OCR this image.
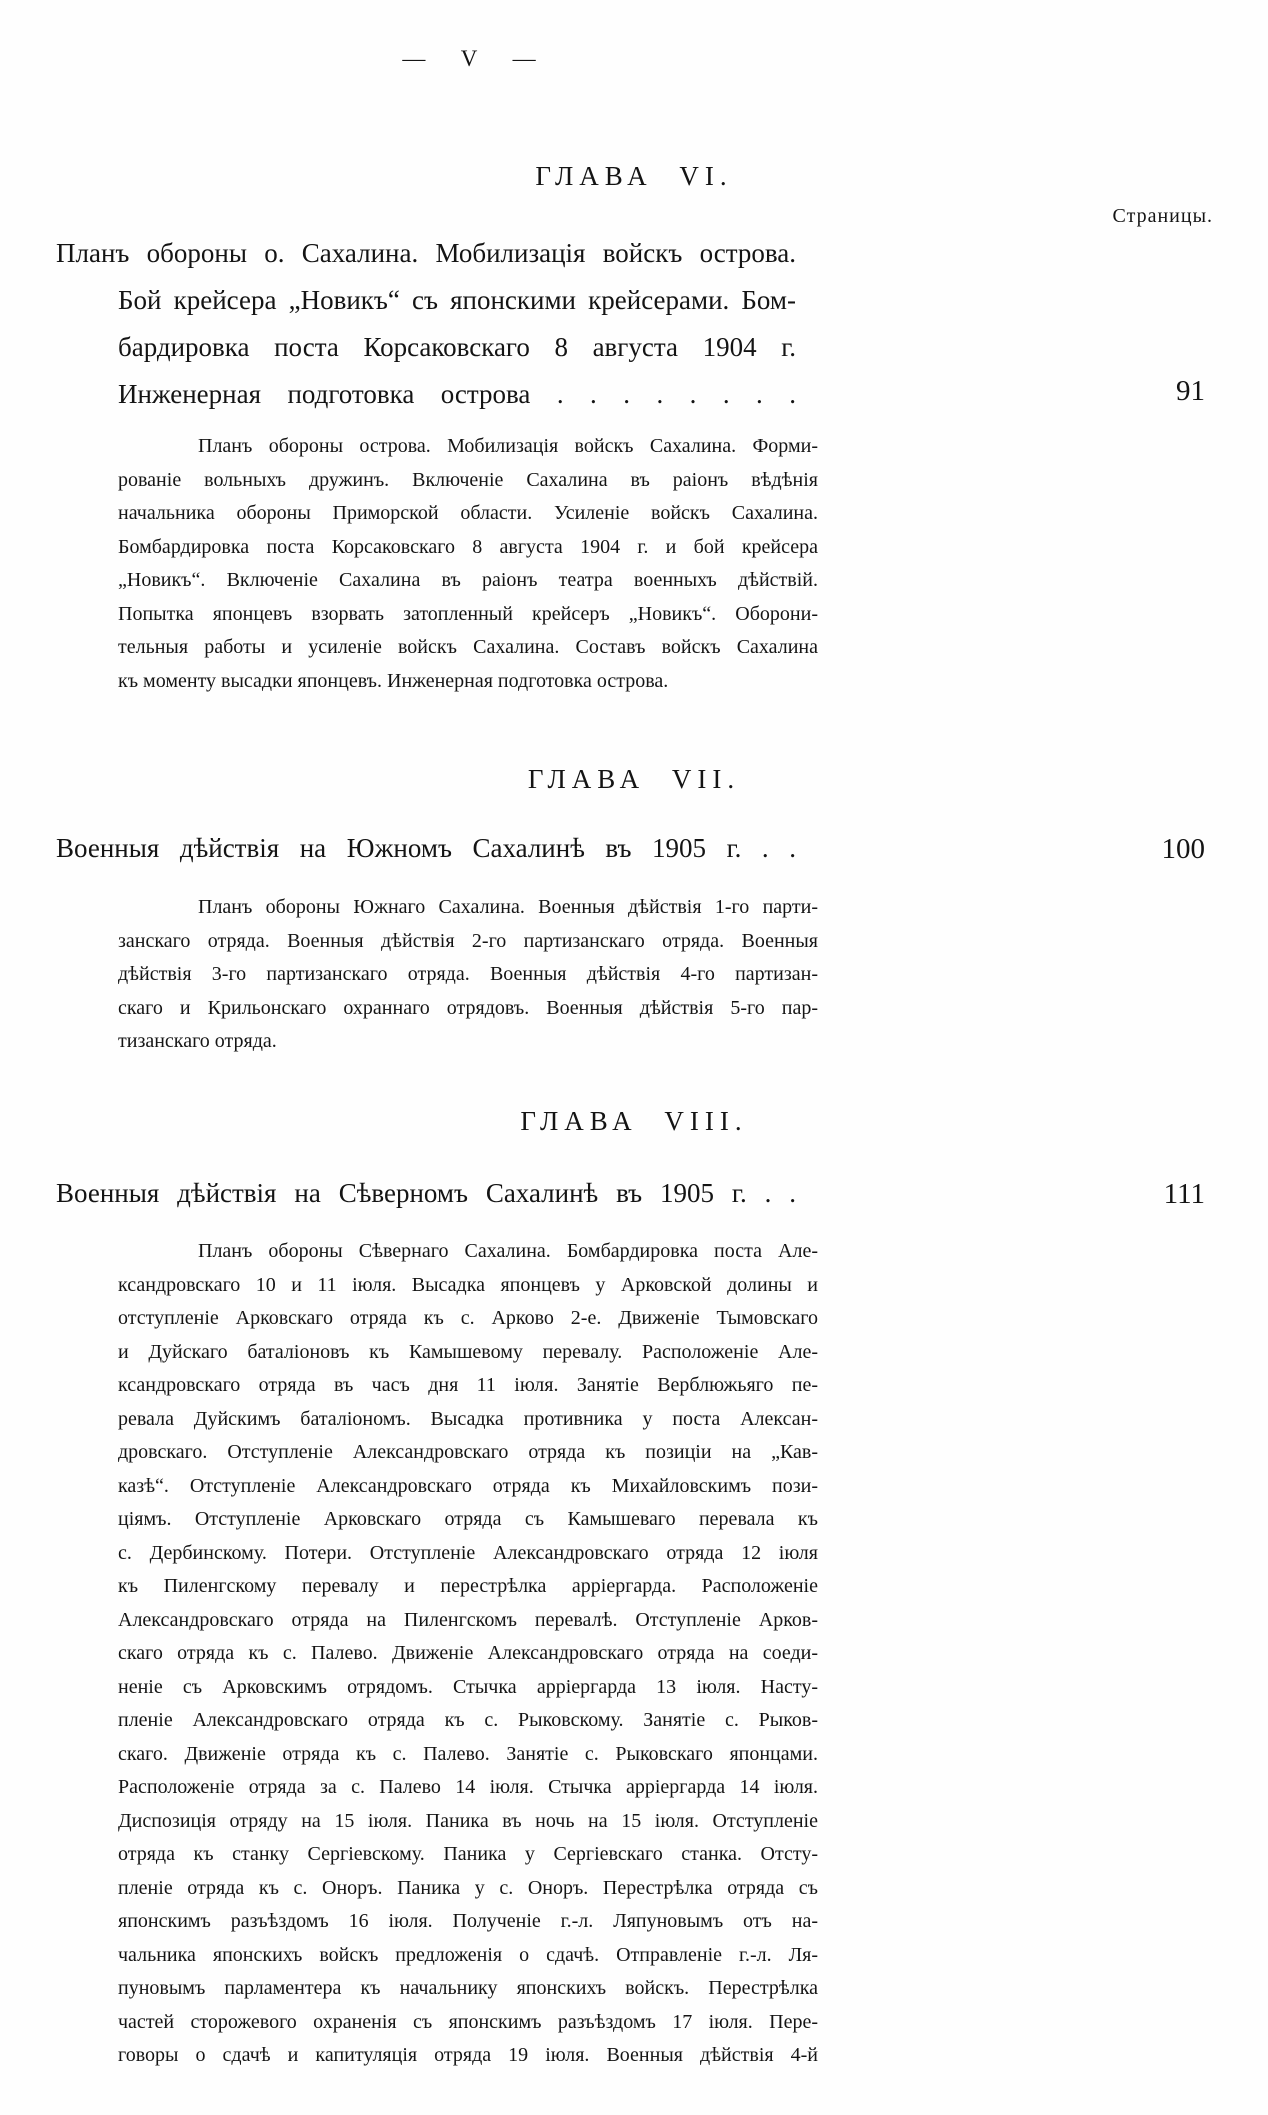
— V —
Страницы.
ГЛАВА VI.
Планъ обороны о. Сахалина. Мобилизація войскъ острова.
Бой крейсера „Новикъ“ съ японскими крейсерами. Бом-
бардировка поста Корсаковскаго 8 августа 1904 г.
Инженерная подготовка острова . . . . . . . .	91
Планъ обороны острова. Мобилизація войскъ Сахалина. Форми-
рованіе вольныхъ дружинъ. Включеніе Сахалина въ раіонъ вѣдѣнія
начальника обороны Приморской области. Усиленіе войскъ Сахалина.
Бомбардировка поста Корсаковскаго 8 августа 1904 г. и бой крейсера
„Новикъ“. Включеніе Сахалина въ раіонъ театра военныхъ дѣйствій.
Попытка японцевъ взорвать затопленный крейсеръ „Новикъ“. Оборони-
тельныя работы и усиленіе войскъ Сахалина. Составъ войскъ Сахалина
къ моменту высадки японцевъ. Инженерная подготовка острова.
ГЛАВА VII.
Военныя дѣйствія на Южномъ Сахалинѣ въ 1905 г. . .	100
Планъ обороны Южнаго Сахалина. Военныя дѣйствія 1-го парти-
занскаго отряда. Военныя дѣйствія 2-го партизанскаго отряда. Военныя
дѣйствія 3-го партизанскаго отряда. Военныя дѣйствія 4-го партизан-
скаго и Крильонскаго охраннаго отрядовъ. Военныя дѣйствія 5-го пар-
тизанскаго отряда.
ГЛАВА VIII.
Военныя дѣйствія на Сѣверномъ Сахалинѣ въ 1905 г. . .	111
Планъ обороны Сѣвернаго Сахалина. Бомбардировка поста Але-
ксандровскаго 10 и 11 іюля. Высадка японцевъ у Арковской долины и
отступленіе Арковскаго отряда къ с. Арково 2-е. Движеніе Тымовскаго
и Дуйскаго баталіоновъ къ Камышевому перевалу. Расположеніе Але-
ксандровскаго отряда въ часъ дня 11 іюля. Занятіе Верблюжьяго пе-
ревала Дуйскимъ баталіономъ. Высадка противника у поста Алексан-
дровскаго. Отступленіе Александровскаго отряда къ позиціи на „Кав-
казѣ“. Отступленіе Александровскаго отряда къ Михайловскимъ пози-
ціямъ. Отступленіе Арковскаго отряда съ Камышеваго перевала къ
с. Дербинскому. Потери. Отступленіе Александровскаго отряда 12 іюля
къ Пиленгскому перевалу и перестрѣлка арріергарда. Расположеніе
Александровскаго отряда на Пиленгскомъ перевалѣ. Отступленіе Арков-
скаго отряда къ с. Палево. Движеніе Александровскаго отряда на соеди-
неніе съ Арковскимъ отрядомъ. Стычка арріергарда 13 іюля. Насту-
пленіе Александровскаго отряда къ с. Рыковскому. Занятіе с. Рыков-
скаго. Движеніе отряда къ с. Палево. Занятіе с. Рыковскаго японцами.
Расположеніе отряда за с. Палево 14 іюля. Стычка арріергарда 14 іюля.
Диспозиція отряду на 15 іюля. Паника въ ночь на 15 іюля. Отступленіе
отряда къ станку Сергіевскому. Паника у Сергіевскаго станка. Отсту-
пленіе отряда къ с. Оноръ. Паника у с. Оноръ. Перестрѣлка отряда съ
японскимъ разъѣздомъ 16 іюля. Полученіе г.-л. Ляпуновымъ отъ на-
чальника японскихъ войскъ предложенія о сдачѣ. Отправленіе г.-л. Ля-
пуновымъ парламентера къ начальнику японскихъ войскъ. Перестрѣлка
частей сторожевого охраненія съ японскимъ разъѣздомъ 17 іюля. Пере-
говоры о сдачѣ и капитуляція отряда 19 іюля. Военныя дѣйствія 4-й
